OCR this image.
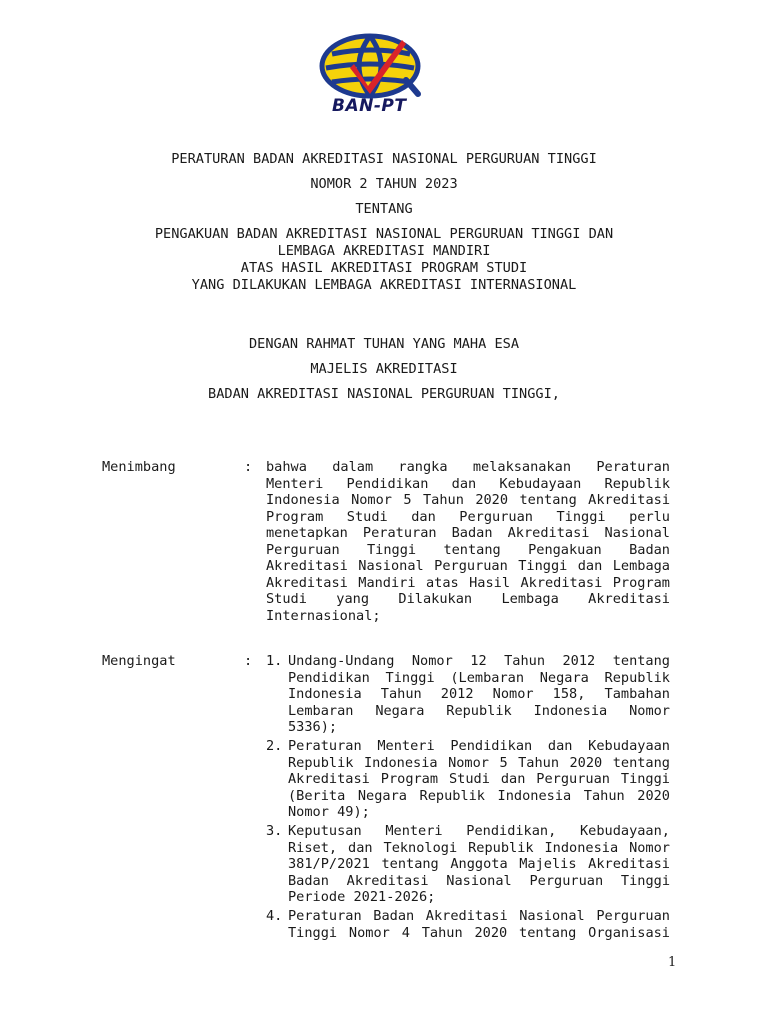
BAN-PT
PERATURAN BADAN AKREDITASI NASIONAL PERGURUAN TINGGI
NOMOR 2 TAHUN 2023
TENTANG
PENGAKUAN BADAN AKREDITASI NASIONAL PERGURUAN TINGGI DAN
LEMBAGA AKREDITASI MANDIRI
ATAS HASIL AKREDITASI PROGRAM STUDI
YANG DILAKUKAN LEMBAGA AKREDITASI INTERNASIONAL
DENGAN RAHMAT TUHAN YANG MAHA ESA
MAJELIS AKREDITASI
BADAN AKREDITASI NASIONAL PERGURUAN TINGGI,
Menimbang	: bahwa dalam rangka melaksanakan Peraturan
Menteri Pendidikan dan Kebudayaan Republik
Indonesia Nomor 5 Tahun 2020 tentang Akreditasi
Program Studi dan Perguruan Tinggi perlu
menetapkan Peraturan Badan Akreditasi Nasional
Perguruan Tinggi tentang Pengakuan Badan
Akreditasi Nasional Perguruan Tinggi dan Lembaga
Akreditasi Mandiri atas Hasil Akreditasi Program
Studi yang Dilakukan Lembaga Akreditasi
Internasional;
Mengingat	: 1. Undang-Undang Nomor 12 Tahun 2012 tentang
Pendidikan Tinggi (Lembaran Negara Republik
Indonesia Tahun 2012 Nomor 158, Tambahan
Lembaran Negara Republik Indonesia Nomor
5336);
2. Peraturan Menteri Pendidikan dan Kebudayaan
Republik Indonesia Nomor 5 Tahun 2020 tentang
Akreditasi Program Studi dan Perguruan Tinggi
(Berita Negara Republik Indonesia Tahun 2020
Nomor 49);
3. Keputusan Menteri Pendidikan, Kebudayaan,
Riset, dan Teknologi Republik Indonesia Nomor
381/P/2021 tentang Anggota Majelis Akreditasi
Badan Akreditasi Nasional Perguruan Tinggi
Periode 2021-2026;
4. Peraturan Badan Akreditasi Nasional Perguruan
Tinggi Nomor 4 Tahun 2020 tentang Organisasi
1
